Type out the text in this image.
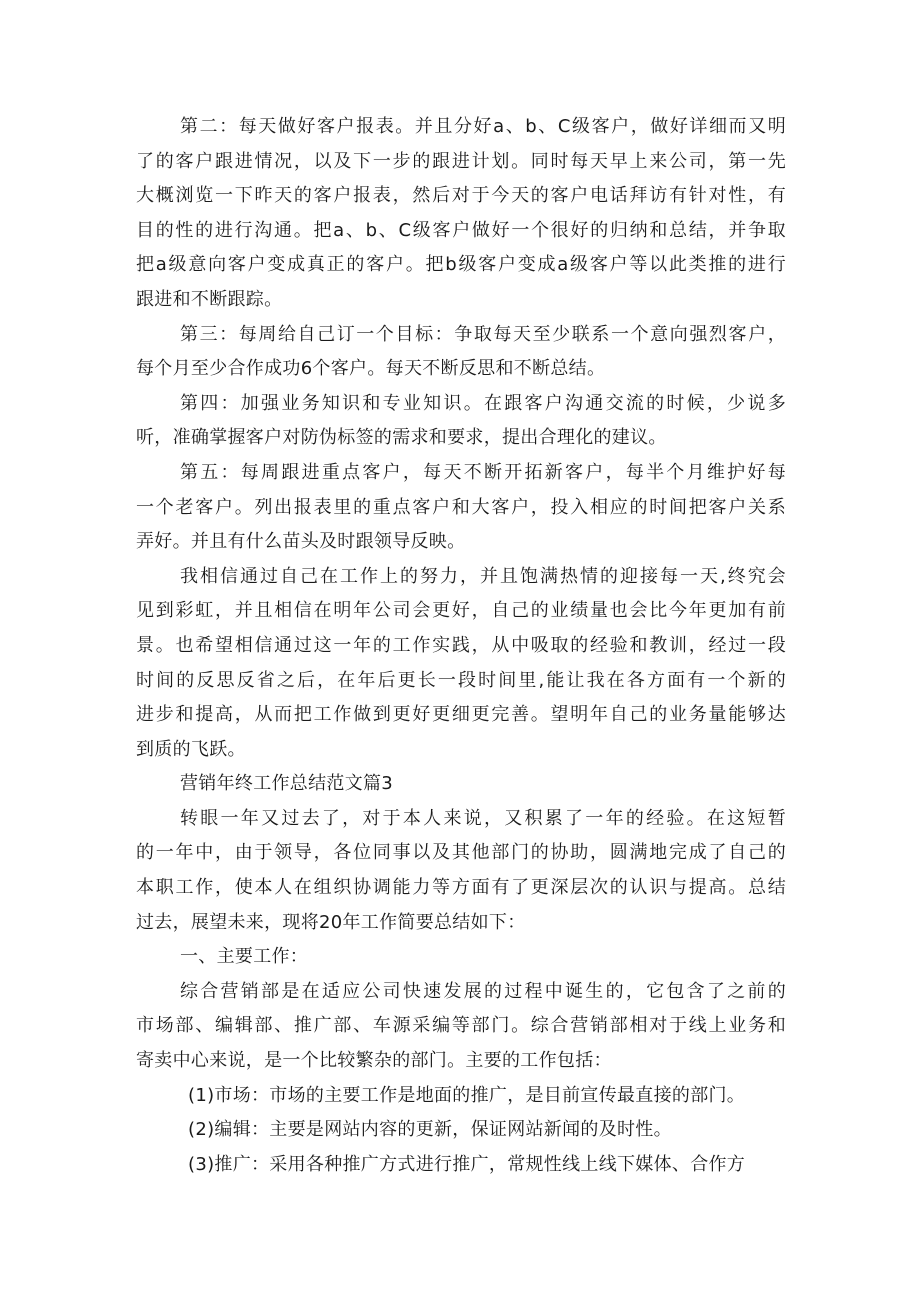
第二：每天做好客户报表。并且分好a、b、C级客户，做好详细而又明
了的客户跟进情况，以及下一步的跟进计划。同时每天早上来公司，第一先
大概浏览一下昨天的客户报表，然后对于今天的客户电话拜访有针对性，有
目的性的进行沟通。把a、b、C级客户做好一个很好的归纳和总结，并争取
把a级意向客户变成真正的客户。把b级客户变成a级客户等以此类推的进行
跟进和不断跟踪。

第三：每周给自己订一个目标：争取每天至少联系一个意向强烈客户，
每个月至少合作成功6个客户。每天不断反思和不断总结。

第四：加强业务知识和专业知识。在跟客户沟通交流的时候，少说多
听，准确掌握客户对防伪标签的需求和要求，提出合理化的建议。

第五：每周跟进重点客户，每天不断开拓新客户，每半个月维护好每
一个老客户。列出报表里的重点客户和大客户，投入相应的时间把客户关系
弄好。并且有什么苗头及时跟领导反映。

我相信通过自己在工作上的努力，并且饱满热情的迎接每一天,终究会
见到彩虹，并且相信在明年公司会更好，自己的业绩量也会比今年更加有前
景。也希望相信通过这一年的工作实践，从中吸取的经验和教训，经过一段
时间的反思反省之后，在年后更长一段时间里,能让我在各方面有一个新的
进步和提高，从而把工作做到更好更细更完善。望明年自己的业务量能够达
到质的飞跃。

营销年终工作总结范文篇3

转眼一年又过去了，对于本人来说，又积累了一年的经验。在这短暂
的一年中，由于领导，各位同事以及其他部门的协助，圆满地完成了自己的
本职工作，使本人在组织协调能力等方面有了更深层次的认识与提高。总结
过去，展望未来，现将20年工作简要总结如下：

一、主要工作：

综合营销部是在适应公司快速发展的过程中诞生的，它包含了之前的
市场部、编辑部、推广部、车源采编等部门。综合营销部相对于线上业务和
寄卖中心来说，是一个比较繁杂的部门。主要的工作包括：

(1)市场：市场的主要工作是地面的推广，是目前宣传最直接的部门。

(2)编辑：主要是网站内容的更新，保证网站新闻的及时性。

(3)推广：采用各种推广方式进行推广，常规性线上线下媒体、合作方
